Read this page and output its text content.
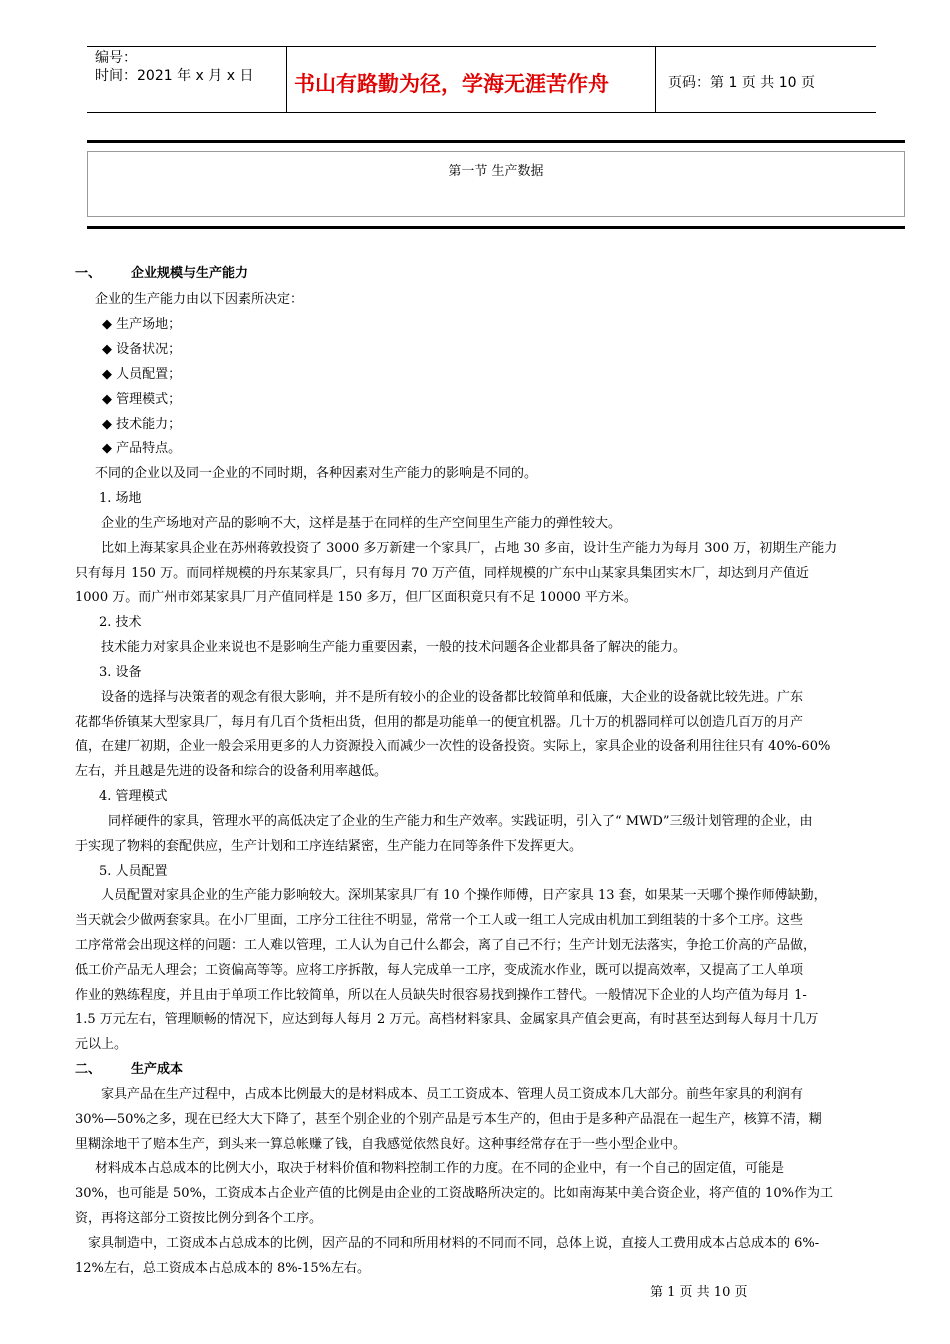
编号：
时间：2021 年 x 月 x 日 书山有路勤为径，学海无涯苦作舟	页码：第 1 页 共 10 页
第一节 生产数据
一、 企业规模与生产能力
企业的生产能力由以下因素所决定：
◆ 生产场地；
◆ 设备状况；
◆ 人员配置；
◆ 管理模式；
◆ 技术能力；
◆ 产品特点。
不同的企业以及同一企业的不同时期，各种因素对生产能力的影响是不同的。
1. 场地
企业的生产场地对产品的影响不大，这样是基于在同样的生产空间里生产能力的弹性较大。
比如上海某家具企业在苏州蒋敦投资了 3000 多万新建一个家具厂，占地 30 多亩，设计生产能力为每月 300 万，初期生产能力
只有每月 150 万。而同样规模的丹东某家具厂，只有每月 70 万产值，同样规模的广东中山某家具集团实木厂，却达到月产值近
1000 万。而广州市郊某家具厂月产值同样是 150 多万，但厂区面积竟只有不足 10000 平方米。
2. 技术
技术能力对家具企业来说也不是影响生产能力重要因素，一般的技术问题各企业都具备了解决的能力。
3. 设备
设备的选择与决策者的观念有很大影响，并不是所有较小的企业的设备都比较简单和低廉，大企业的设备就比较先进。广东
花都华侨镇某大型家具厂，每月有几百个货柜出货，但用的都是功能单一的便宜机器。几十万的机器同样可以创造几百万的月产
值，在建厂初期，企业一般会采用更多的人力资源投入而减少一次性的设备投资。实际上，家具企业的设备利用往往只有 40%-60%
左右，并且越是先进的设备和综合的设备利用率越低。
4. 管理模式
同样硬件的家具，管理水平的高低决定了企业的生产能力和生产效率。实践证明，引入了“ MWD”三级计划管理的企业，由
于实现了物料的套配供应，生产计划和工序连结紧密，生产能力在同等条件下发挥更大。
5. 人员配置
人员配置对家具企业的生产能力影响较大。深圳某家具厂有 10 个操作师傅，日产家具 13 套，如果某一天哪个操作师傅缺勤，
当天就会少做两套家具。在小厂里面，工序分工往往不明显，常常一个工人或一组工人完成由机加工到组装的十多个工序。这些
工序常常会出现这样的问题：工人难以管理，工人认为自己什么都会，离了自己不行；生产计划无法落实，争抢工价高的产品做，
低工价产品无人理会；工资偏高等等。应将工序拆散，每人完成单一工序，变成流水作业，既可以提高效率，又提高了工人单项
作业的熟练程度，并且由于单项工作比较简单，所以在人员缺失时很容易找到操作工替代。一般情况下企业的人均产值为每月 1-
1.5 万元左右，管理顺畅的情况下，应达到每人每月 2 万元。高档材料家具、金属家具产值会更高，有时甚至达到每人每月十几万
元以上。
二、 生产成本
家具产品在生产过程中，占成本比例最大的是材料成本、员工工资成本、管理人员工资成本几大部分。前些年家具的利润有
30%—50%之多，现在已经大大下降了，甚至个别企业的个别产品是亏本生产的，但由于是多种产品混在一起生产，核算不清，糊
里糊涂地干了赔本生产，到头来一算总帐赚了钱，自我感觉依然良好。这种事经常存在于一些小型企业中。
材料成本占总成本的比例大小，取决于材料价值和物料控制工作的力度。在不同的企业中，有一个自己的固定值，可能是
30%，也可能是 50%，工资成本占企业产值的比例是由企业的工资战略所决定的。比如南海某中美合资企业，将产值的 10%作为工
资，再将这部分工资按比例分到各个工序。
家具制造中，工资成本占总成本的比例，因产品的不同和所用材料的不同而不同，总体上说，直接人工费用成本占总成本的 6%-
12%左右，总工资成本占总成本的 8%-15%左右。
第 1 页 共 10 页
